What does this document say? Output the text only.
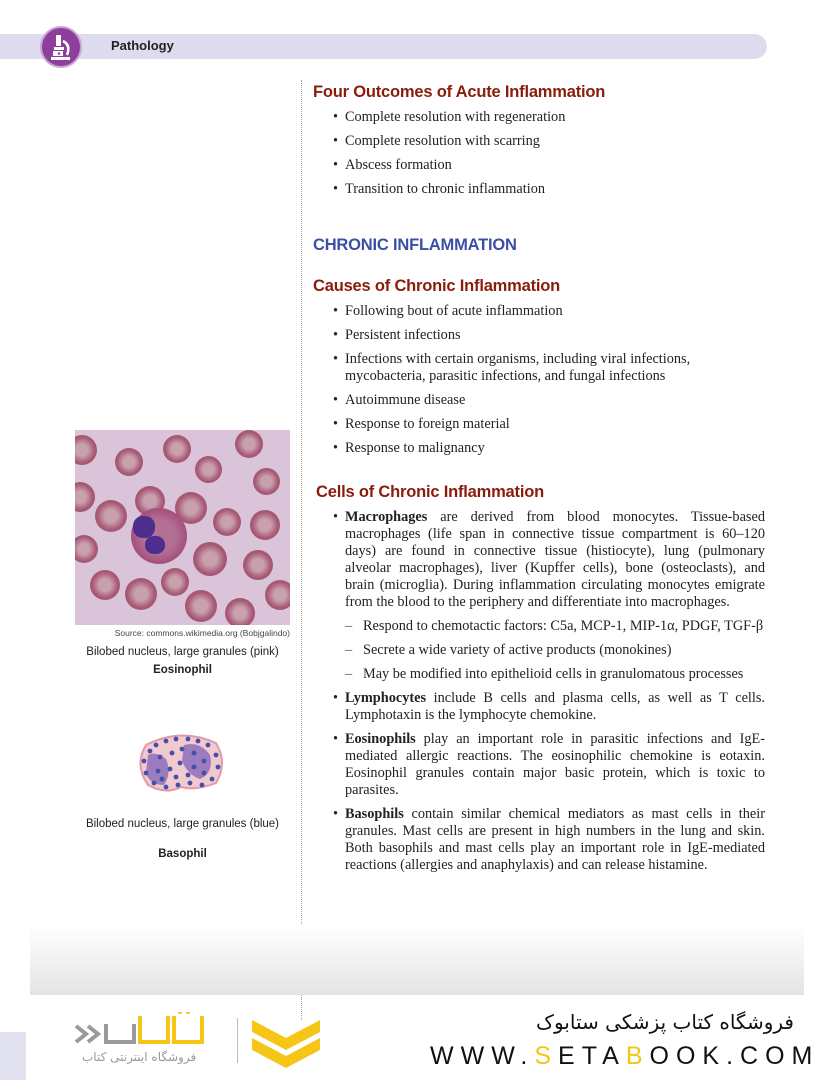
Pathology
Four Outcomes of Acute Inflammation
• Complete resolution with regeneration
• Complete resolution with scarring
• Abscess formation
• Transition to chronic inflammation
CHRONIC INFLAMMATION
Causes of Chronic Inflammation
• Following bout of acute inflammation
• Persistent infections
• Infections with certain organisms, including viral infections, mycobacteria, parasitic infections, and fungal infections
• Autoimmune disease
• Response to foreign material
• Response to malignancy
Cells of Chronic Inflammation
• Macrophages are derived from blood monocytes. Tissue-based macrophages (life span in connective tissue compartment is 60–120 days) are found in connective tissue (histiocyte), lung (pulmonary alveolar macrophages), liver (Kupffer cells), bone (osteoclasts), and brain (microglia). During inflammation circulating monocytes emigrate from the blood to the periphery and differentiate into macrophages.
– Respond to chemotactic factors: C5a, MCP-1, MIP-1α, PDGF, TGF-β
– Secrete a wide variety of active products (monokines)
– May be modified into epithelioid cells in granulomatous processes
• Lymphocytes include B cells and plasma cells, as well as T cells. Lymphotaxin is the lymphocyte chemokine.
• Eosinophils play an important role in parasitic infections and IgE-mediated allergic reactions. The eosinophilic chemokine is eotaxin. Eosinophil granules contain major basic protein, which is toxic to parasites.
• Basophils contain similar chemical mediators as mast cells in their granules. Mast cells are present in high numbers in the lung and skin. Both basophils and mast cells play an important role in IgE-mediated reactions (allergies and anaphylaxis) and can release histamine.
Source: commons.wikimedia.org (Bobjgalindo)
Bilobed nucleus, large granules (pink)
Eosinophil
Bilobed nucleus, large granules (blue)
Basophil
فروشگاه اینترنتی کتاب
فروشگاه کتاب پزشکی ستابوک
WWW.SETABOOK.COM
